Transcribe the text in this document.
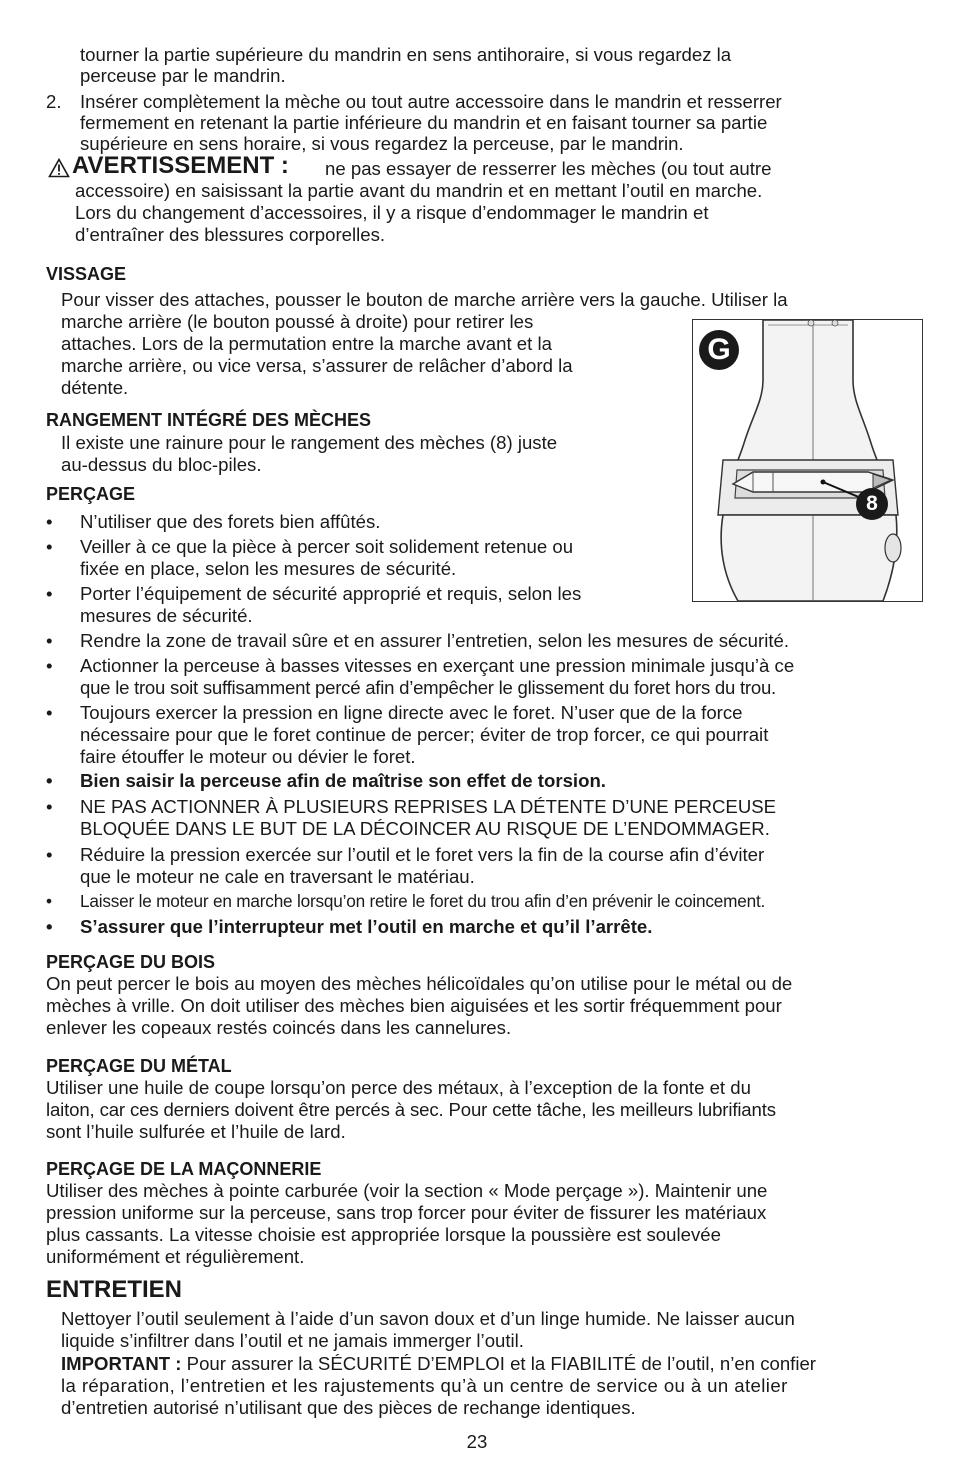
tourner la partie supérieure du mandrin en sens antihoraire, si vous regardez la

perceuse par le mandrin.

2. Insérer complètement la mèche ou tout autre accessoire dans le mandrin et resserrer

fermement en retenant la partie inférieure du mandrin et en faisant tourner sa partie

supérieure en sens horaire, si vous regardez la perceuse, par le mandrin.

AVERTISSEMENT : ne pas essayer de resserrer les mèches (ou tout autre

accessoire) en saisissant la partie avant du mandrin et en mettant l’outil en marche.

Lors du changement d’accessoires, il y a risque d’endommager le mandrin et

d’entraîner des blessures corporelles.

VISSAGE

Pour visser des attaches, pousser le bouton de marche arrière vers la gauche. Utiliser la

marche arrière (le bouton poussé à droite) pour retirer les

attaches. Lors de la permutation entre la marche avant et la

marche arrière, ou vice versa, s’assurer de relâcher d’abord la

détente.

RANGEMENT INTÉGRÉ DES MÈCHES

Il existe une rainure pour le rangement des mèches (8) juste

au-dessus du bloc-piles.

G
8

PERÇAGE

• N’utiliser que des forets bien affûtés.
• Veiller à ce que la pièce à percer soit solidement retenue ou
fixée en place, selon les mesures de sécurité.
• Porter l’équipement de sécurité approprié et requis, selon les
mesures de sécurité.
• Rendre la zone de travail sûre et en assurer l’entretien, selon les mesures de sécurité.
• Actionner la perceuse à basses vitesses en exerçant une pression minimale jusqu’à ce
que le trou soit suffisamment percé afin d’empêcher le glissement du foret hors du trou.
• Toujours exercer la pression en ligne directe avec le foret. N’user que de la force
nécessaire pour que le foret continue de percer; éviter de trop forcer, ce qui pourrait
faire étouffer le moteur ou dévier le foret.
• Bien saisir la perceuse afin de maîtrise son effet de torsion.
• NE PAS ACTIONNER À PLUSIEURS REPRISES LA DÉTENTE D’UNE PERCEUSE
BLOQUÉE DANS LE BUT DE LA DÉCOINCER AU RISQUE DE L’ENDOMMAGER.
• Réduire la pression exercée sur l’outil et le foret vers la fin de la course afin d’éviter
que le moteur ne cale en traversant le matériau.
• Laisser le moteur en marche lorsqu’on retire le foret du trou afin d’en prévenir le coincement.
• S’assurer que l’interrupteur met l’outil en marche et qu’il l’arrête.

PERÇAGE DU BOIS

On peut percer le bois au moyen des mèches hélicoïdales qu’on utilise pour le métal ou de

mèches à vrille. On doit utiliser des mèches bien aiguisées et les sortir fréquemment pour

enlever les copeaux restés coincés dans les cannelures.

PERÇAGE DU MÉTAL

Utiliser une huile de coupe lorsqu’on perce des métaux, à l’exception de la fonte et du

laiton, car ces derniers doivent être percés à sec. Pour cette tâche, les meilleurs lubrifiants

sont l’huile sulfurée et l’huile de lard.

PERÇAGE DE LA MAÇONNERIE

Utiliser des mèches à pointe carburée (voir la section « Mode perçage »). Maintenir une

pression uniforme sur la perceuse, sans trop forcer pour éviter de fissurer les matériaux

plus cassants. La vitesse choisie est appropriée lorsque la poussière est soulevée

uniformément et régulièrement.

ENTRETIEN

Nettoyer l’outil seulement à l’aide d’un savon doux et d’un linge humide. Ne laisser aucun

liquide s’infiltrer dans l’outil et ne jamais immerger l’outil.

IMPORTANT : Pour assurer la SÉCURITÉ D’EMPLOI et la FIABILITÉ de l’outil, n’en confier

la réparation, l’entretien et les rajustements qu’à un centre de service ou à un atelier

d’entretien autorisé n’utilisant que des pièces de rechange identiques.

23
